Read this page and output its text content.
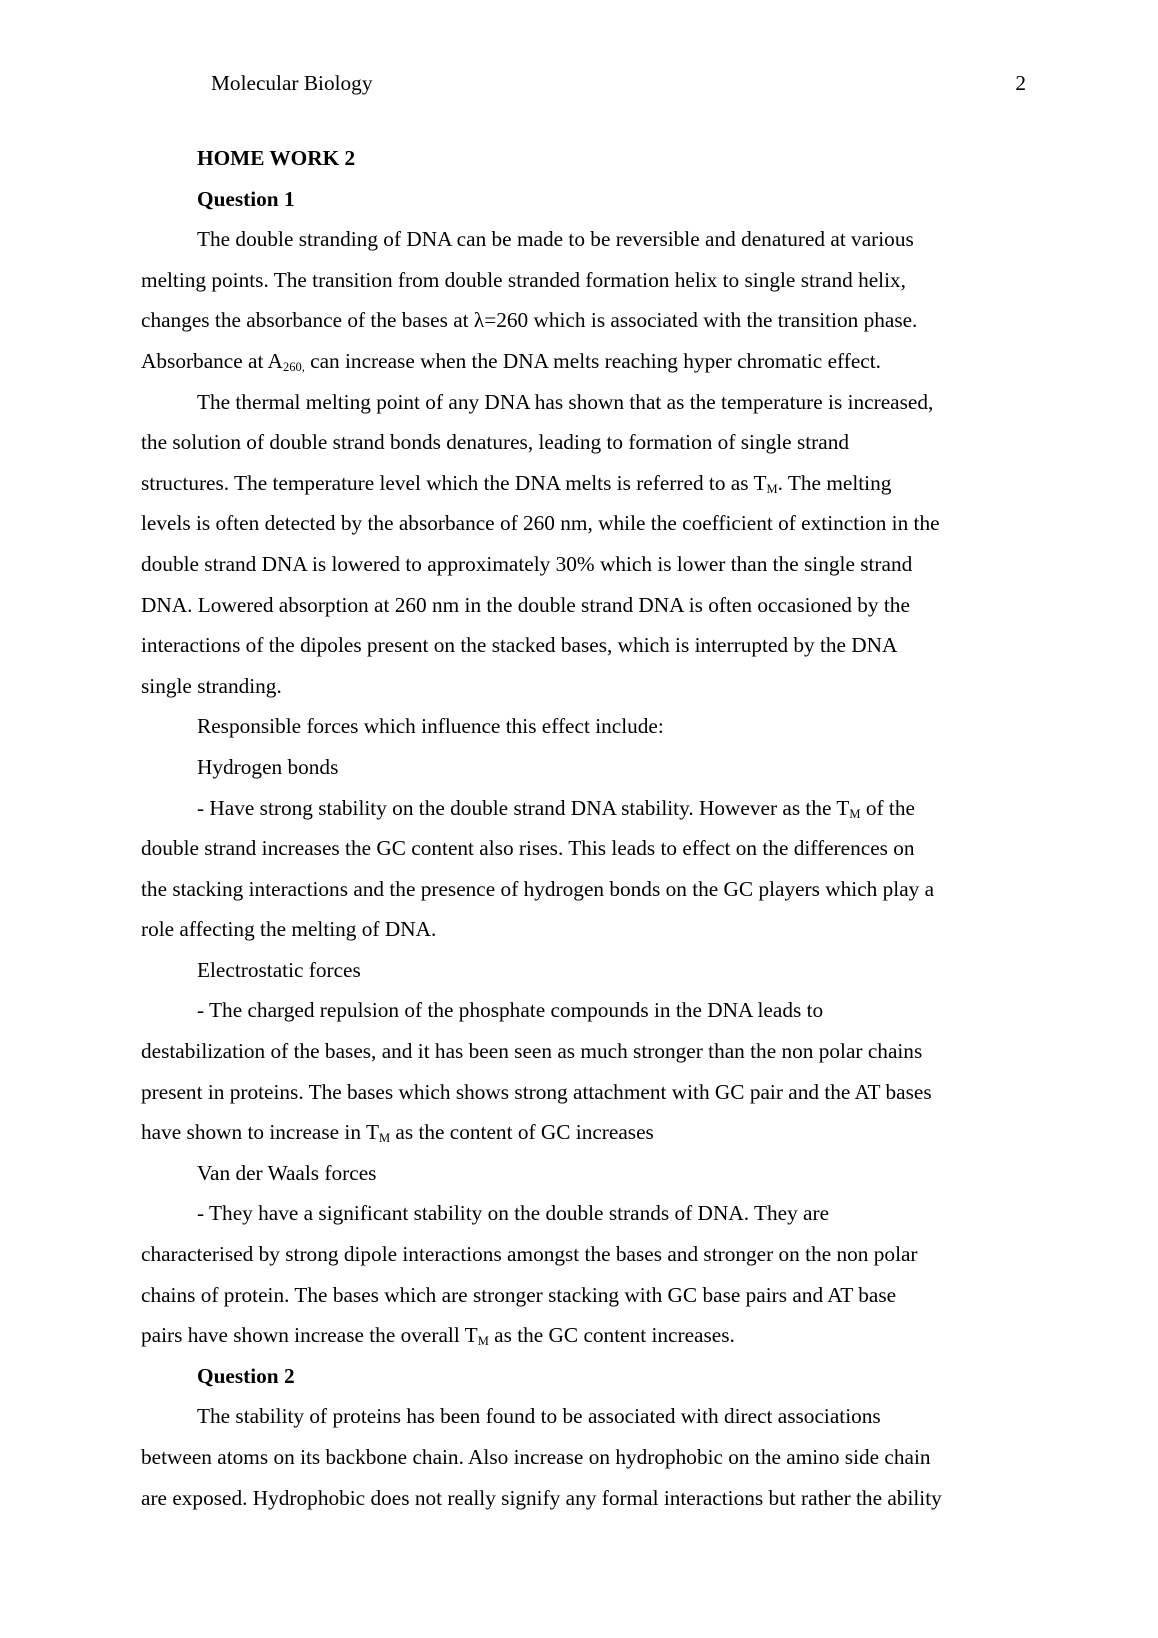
Molecular Biology	2
HOME WORK 2
Question 1
The double stranding of DNA can be made to be reversible and denatured at various
melting points. The transition from double stranded formation helix to single strand helix,
changes the absorbance of the bases at λ=260 which is associated with the transition phase.
Absorbance at $A_{260,}$ can increase when the DNA melts reaching hyper chromatic effect.
The thermal melting point of any DNA has shown that as the temperature is increased,
the solution of double strand bonds denatures, leading to formation of single strand
structures. The temperature level which the DNA melts is referred to as $T_M$. The melting
levels is often detected by the absorbance of 260 nm, while the coefficient of extinction in the
double strand DNA is lowered to approximately 30% which is lower than the single strand
DNA. Lowered absorption at 260 nm in the double strand DNA is often occasioned by the
interactions of the dipoles present on the stacked bases, which is interrupted by the DNA
single stranding.
Responsible forces which influence this effect include:
Hydrogen bonds
- Have strong stability on the double strand DNA stability. However as the $T_M$ of the
double strand increases the GC content also rises. This leads to effect on the differences on
the stacking interactions and the presence of hydrogen bonds on the GC players which play a
role affecting the melting of DNA.
Electrostatic forces
- The charged repulsion of the phosphate compounds in the DNA leads to
destabilization of the bases, and it has been seen as much stronger than the non polar chains
present in proteins. The bases which shows strong attachment with GC pair and the AT bases
have shown to increase in $T_M$ as the content of GC increases
Van der Waals forces
- They have a significant stability on the double strands of DNA. They are
characterised by strong dipole interactions amongst the bases and stronger on the non polar
chains of protein. The bases which are stronger stacking with GC base pairs and AT base
pairs have shown increase the overall $T_M$ as the GC content increases.
Question 2
The stability of proteins has been found to be associated with direct associations
between atoms on its backbone chain. Also increase on hydrophobic on the amino side chain
are exposed. Hydrophobic does not really signify any formal interactions but rather the ability
